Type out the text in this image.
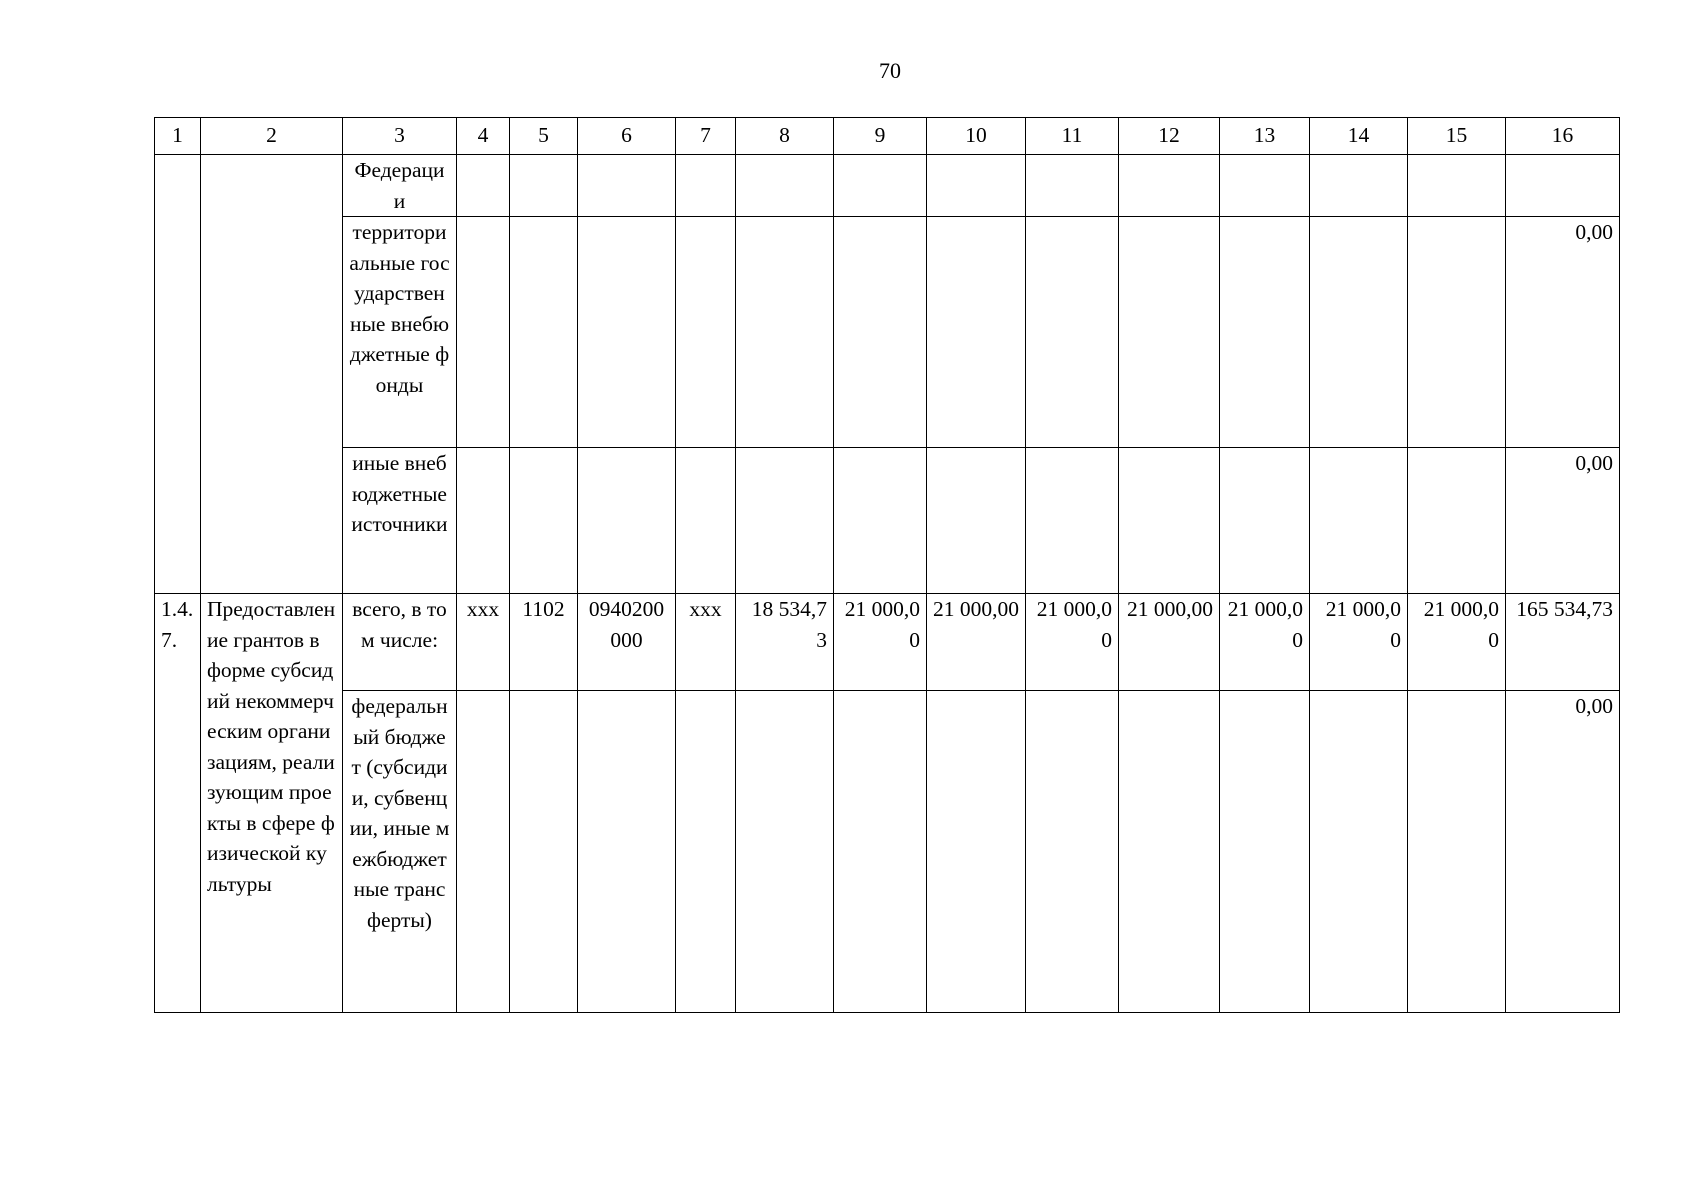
70
1	2	3	4	5	6	7	8	9	10	11	12	13	14	15	16
		Федерации													
		территориальные государственные внебюджетные фонды													0,00
		иные внебюджетные источники													0,00
1.4.7.	Предоставление грантов в форме субсидий некоммерческим организациям, реализующим проекты в сфере физической культуры	всего, в том числе:	ххх	1102	0940200000	ххх	18 534,73	21 000,00	21 000,00	21 000,00	21 000,00	21 000,00	21 000,00	21 000,00	165 534,73
		федеральный бюджет (субсидии, субвенции, иные межбюджетные трансферты)													0,00
